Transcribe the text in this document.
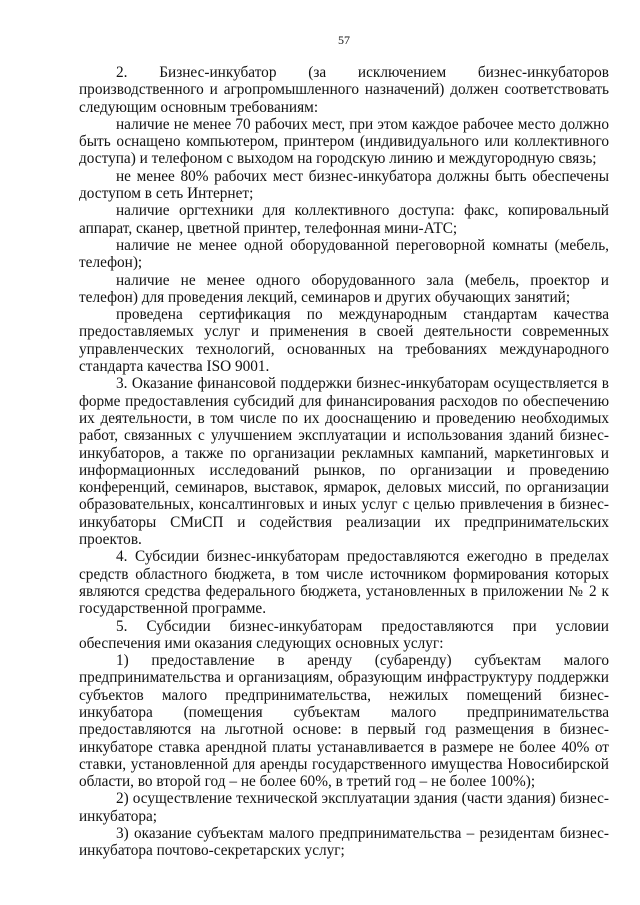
57

2. Бизнес-инкубатор (за исключением бизнес-инкубаторов производственного и агропромышленного назначений) должен соответствовать следующим основным требованиям:

наличие не менее 70 рабочих мест, при этом каждое рабочее место должно быть оснащено компьютером, принтером (индивидуального или коллективного доступа) и телефоном с выходом на городскую линию и междугородную связь;

не менее 80% рабочих мест бизнес-инкубатора должны быть обеспечены доступом в сеть Интернет;

наличие оргтехники для коллективного доступа: факс, копировальный аппарат, сканер, цветной принтер, телефонная мини-АТС;

наличие не менее одной оборудованной переговорной комнаты (мебель, телефон);

наличие не менее одного оборудованного зала (мебель, проектор и телефон) для проведения лекций, семинаров и других обучающих занятий;

проведена сертификация по международным стандартам качества предоставляемых услуг и применения в своей деятельности современных управленческих технологий, основанных на требованиях международного стандарта качества ISO 9001.

3. Оказание финансовой поддержки бизнес-инкубаторам осуществляется в форме предоставления субсидий для финансирования расходов по обеспечению их деятельности, в том числе по их дооснащению и проведению необходимых работ, связанных с улучшением эксплуатации и использования зданий бизнес-инкубаторов, а также по организации рекламных кампаний, маркетинговых и информационных исследований рынков, по организации и проведению конференций, семинаров, выставок, ярмарок, деловых миссий, по организации образовательных, консалтинговых и иных услуг с целью привлечения в бизнес-инкубаторы СМиСП и содействия реализации их предпринимательских проектов.

4. Субсидии бизнес-инкубаторам предоставляются ежегодно в пределах средств областного бюджета, в том числе источником формирования которых являются средства федерального бюджета, установленных в приложении № 2 к государственной программе.

5. Субсидии бизнес-инкубаторам предоставляются при условии обеспечения ими оказания следующих основных услуг:

1) предоставление в аренду (субаренду) субъектам малого предпринимательства и организациям, образующим инфраструктуру поддержки субъектов малого предпринимательства, нежилых помещений бизнес-инкубатора (помещения субъектам малого предпринимательства предоставляются на льготной основе: в первый год размещения в бизнес-инкубаторе ставка арендной платы устанавливается в размере не более 40% от ставки, установленной для аренды государственного имущества Новосибирской области, во второй год – не более 60%, в третий год – не более 100%);

2) осуществление технической эксплуатации здания (части здания) бизнес-инкубатора;

3) оказание субъектам малого предпринимательства – резидентам бизнес-инкубатора почтово-секретарских услуг;
